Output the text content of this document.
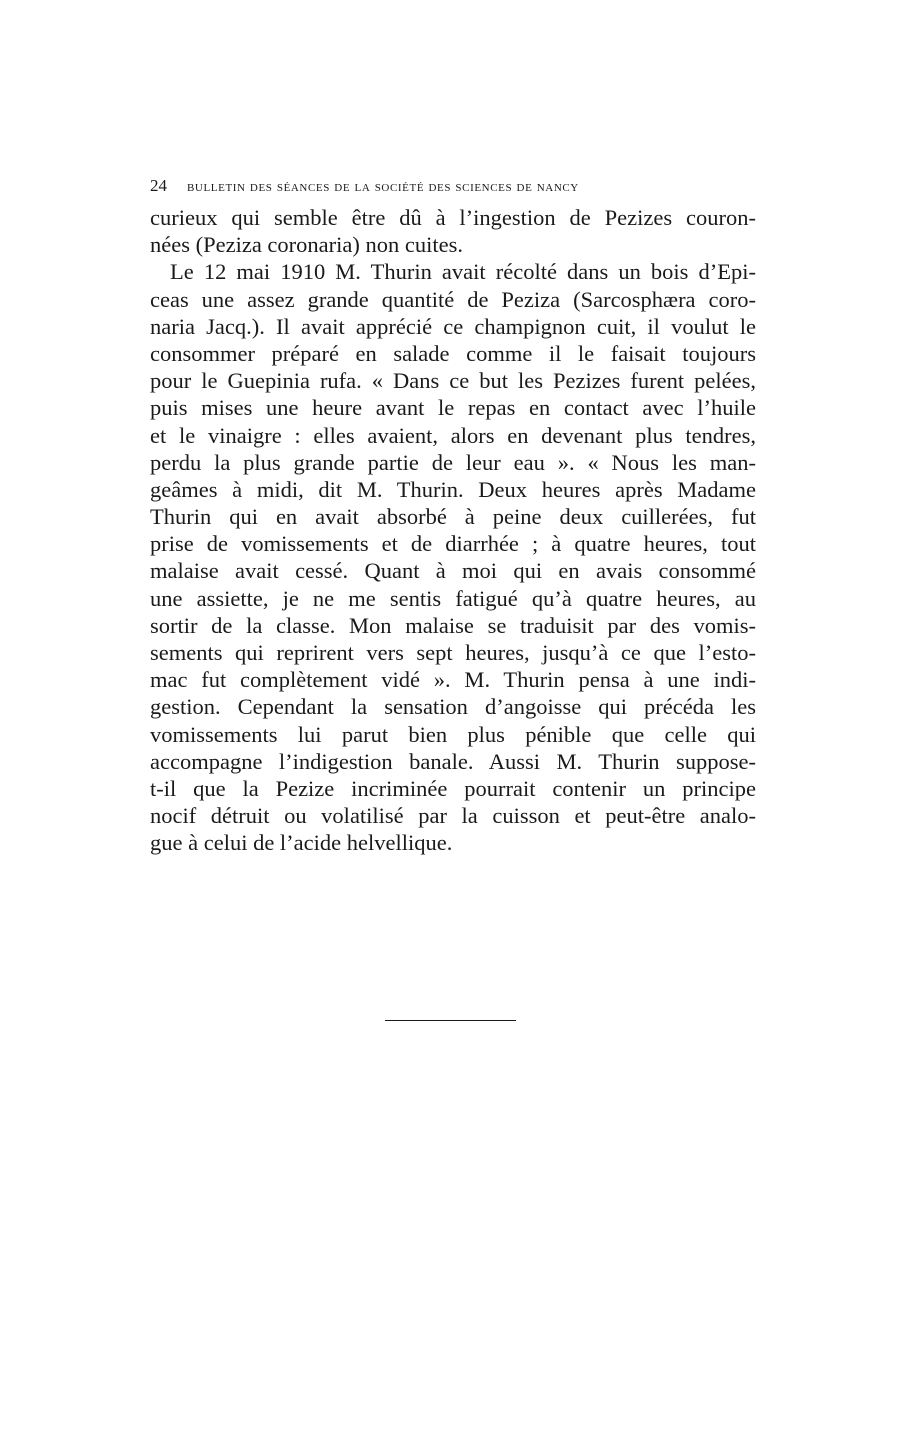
24 bulletin des séances de la société des sciences de nancy
curieux qui semble être dû à l’ingestion de Pezizes couron-
nées (Peziza coronaria) non cuites.
Le 12 mai 1910 M. Thurin avait récolté dans un bois d’Epi-
ceas une assez grande quantité de Peziza (Sarcosphæra coro-
naria Jacq.). Il avait apprécié ce champignon cuit, il voulut le
consommer préparé en salade comme il le faisait toujours
pour le Guepinia rufa. « Dans ce but les Pezizes furent pelées,
puis mises une heure avant le repas en contact avec l’huile
et le vinaigre : elles avaient, alors en devenant plus tendres,
perdu la plus grande partie de leur eau ». « Nous les man-
geâmes à midi, dit M. Thurin. Deux heures après Madame
Thurin qui en avait absorbé à peine deux cuillerées, fut
prise de vomissements et de diarrhée ; à quatre heures, tout
malaise avait cessé. Quant à moi qui en avais consommé
une assiette, je ne me sentis fatigué qu’à quatre heures, au
sortir de la classe. Mon malaise se traduisit par des vomis-
sements qui reprirent vers sept heures, jusqu’à ce que l’esto-
mac fut complètement vidé ». M. Thurin pensa à une indi-
gestion. Cependant la sensation d’angoisse qui précéda les
vomissements lui parut bien plus pénible que celle qui
accompagne l’indigestion banale. Aussi M. Thurin suppose-
t-il que la Pezize incriminée pourrait contenir un principe
nocif détruit ou volatilisé par la cuisson et peut-être analo-
gue à celui de l’acide helvellique.
